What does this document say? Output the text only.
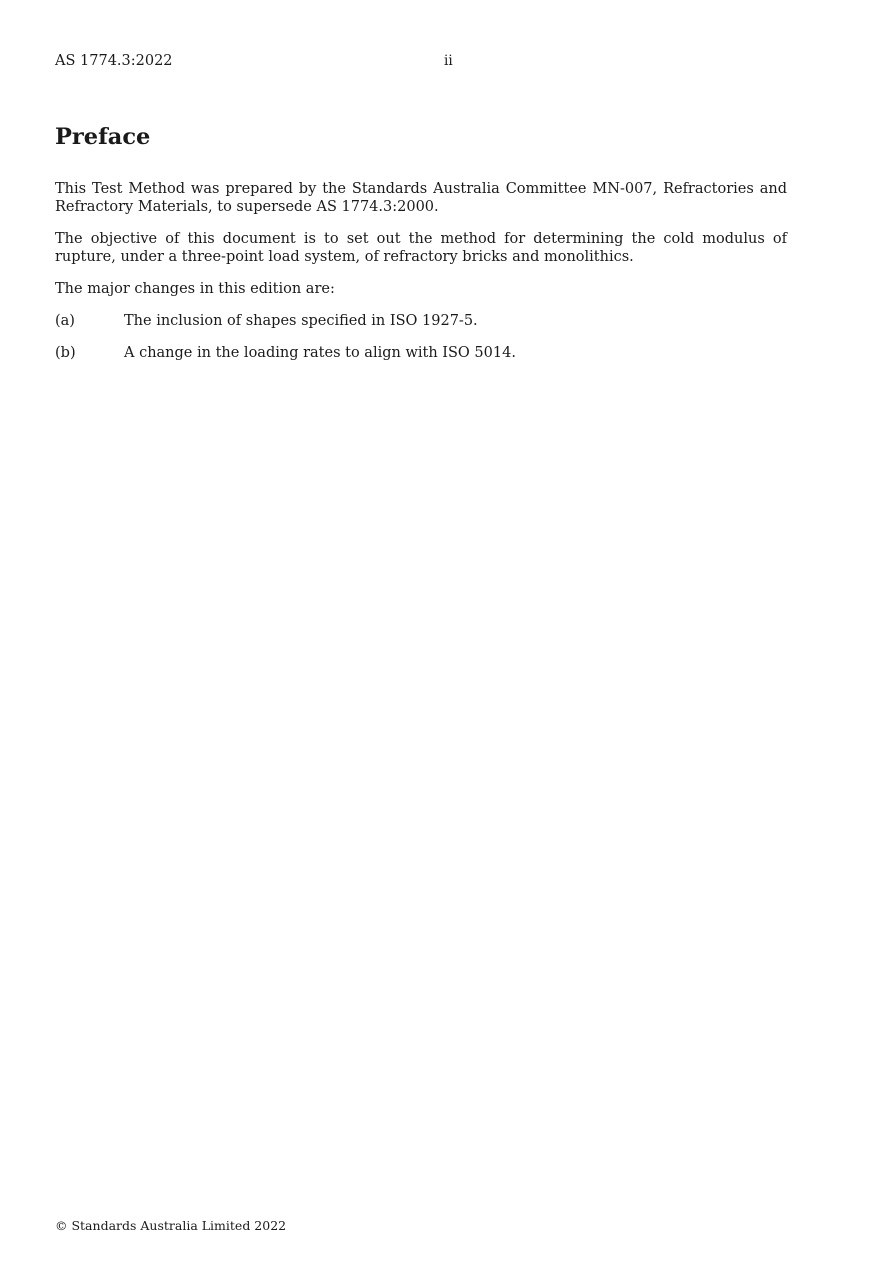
AS 1774.3:2022	ii
Preface

This Test Method was prepared by the Standards Australia Committee MN-007, Refractories and Refractory Materials, to supersede AS 1774.3:2000.

The objective of this document is to set out the method for determining the cold modulus of rupture, under a three-point load system, of refractory bricks and monolithics.

The major changes in this edition are:

(a)	The inclusion of shapes specified in ISO 1927-5.
(b)	A change in the loading rates to align with ISO 5014.
© Standards Australia Limited 2022
